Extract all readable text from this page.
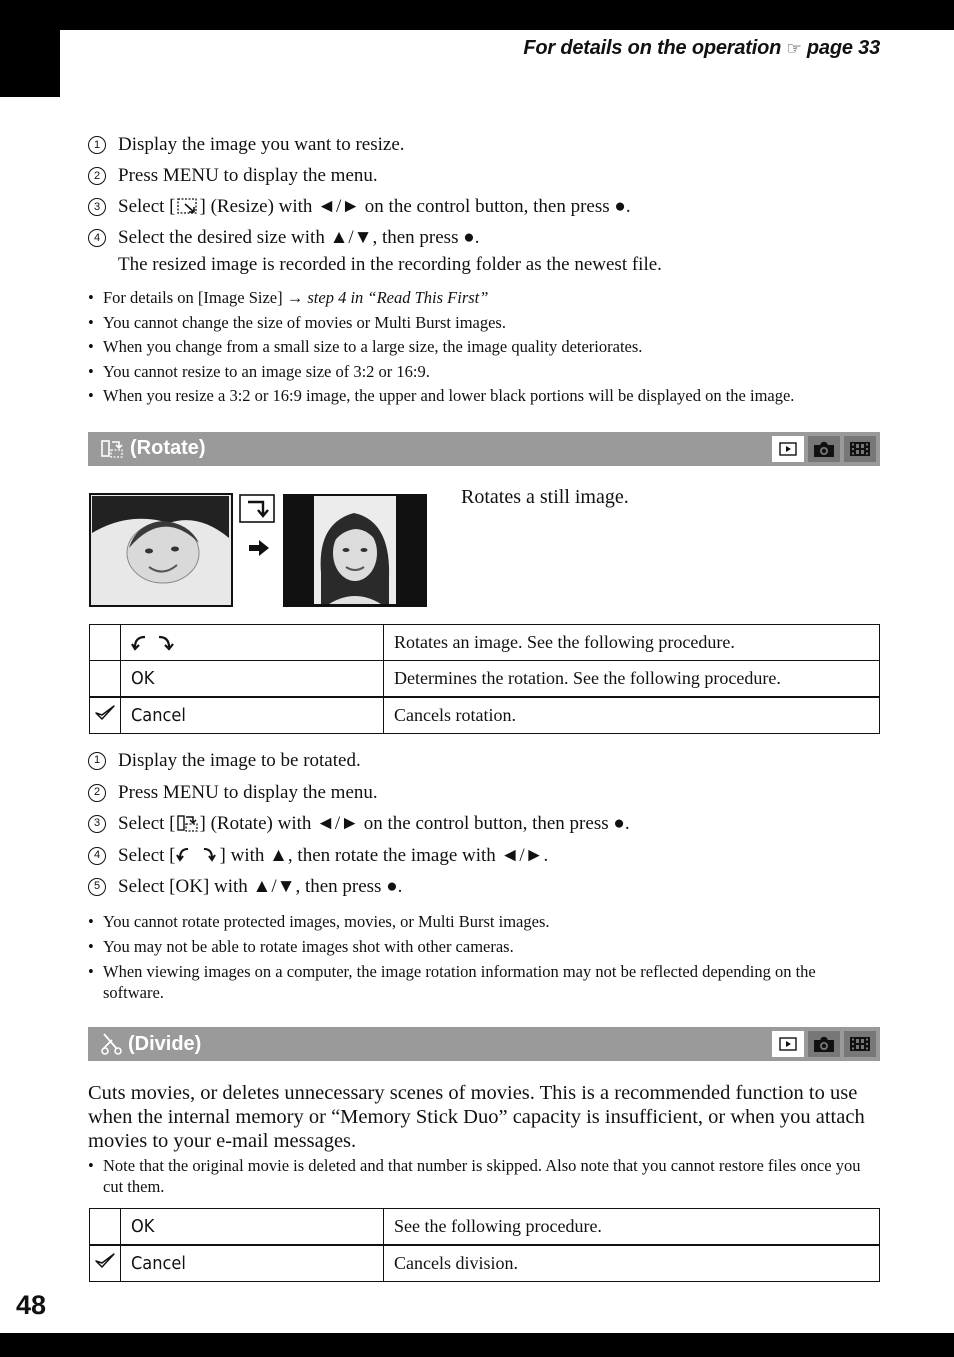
For details on the operation ☞ page 33
1 Display the image you want to resize.
2 Press MENU to display the menu.
3 Select [ ] (Resize) with ◄/► on the control button, then press ●.
4 Select the desired size with ▲/▼, then press ●.
The resized image is recorded in the recording folder as the newest file.
• For details on [Image Size] → step 4 in “Read This First”
• You cannot change the size of movies or Multi Burst images.
• When you change from a small size to a large size, the image quality deteriorates.
• You cannot resize to an image size of 3:2 or 16:9.
• When you resize a 3:2 or 16:9 image, the upper and lower black portions will be displayed on the image.
(Rotate)
Rotates a still image.
		Rotates an image. See the following procedure.
	OK	Determines the rotation. See the following procedure.
	Cancel	Cancels rotation.
1 Display the image to be rotated.
2 Press MENU to display the menu.
3 Select [ ] (Rotate) with ◄/► on the control button, then press ●.
4 Select [ ] with ▲, then rotate the image with ◄/►.
5 Select [OK] with ▲/▼, then press ●.
• You cannot rotate protected images, movies, or Multi Burst images.
• You may not be able to rotate images shot with other cameras.
• When viewing images on a computer, the image rotation information may not be reflected depending on the software.
(Divide)
Cuts movies, or deletes unnecessary scenes of movies. This is a recommended function to use when the internal memory or “Memory Stick Duo” capacity is insufficient, or when you attach movies to your e-mail messages.
• Note that the original movie is deleted and that number is skipped. Also note that you cannot restore files once you cut them.
	OK	See the following procedure.
	Cancel	Cancels division.
48
